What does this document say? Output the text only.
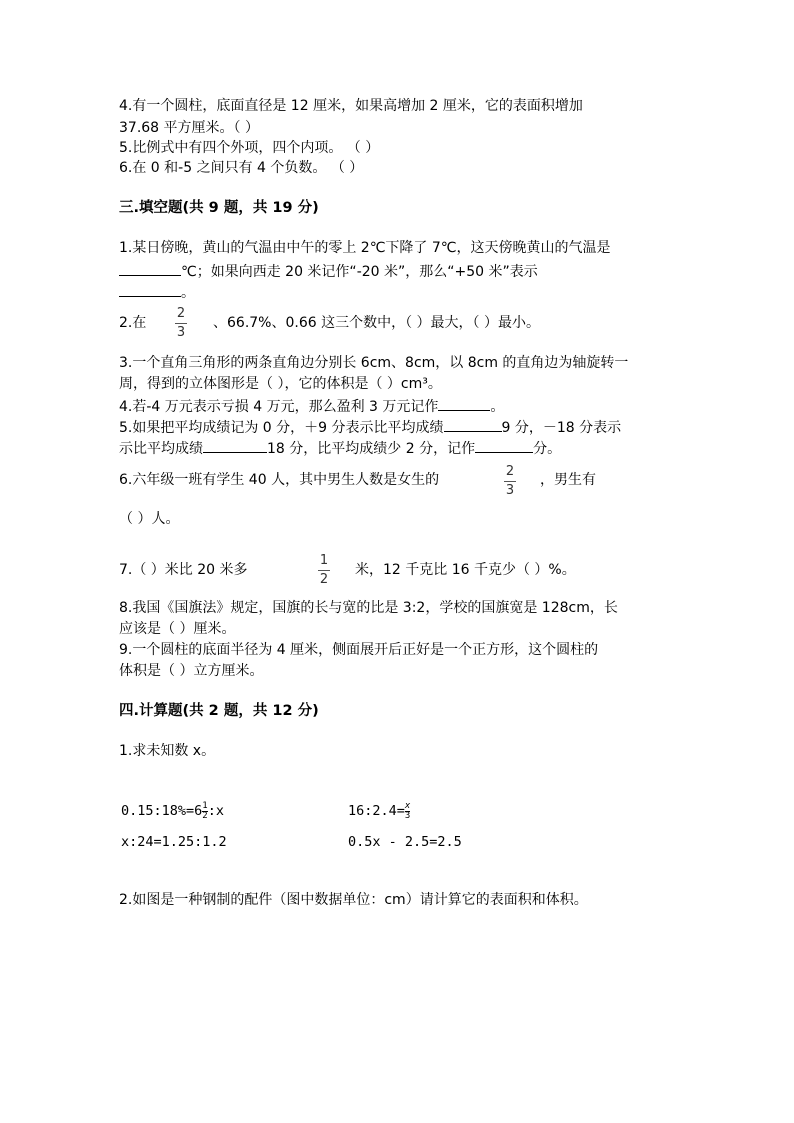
4.有一个圆柱，底面直径是 12 厘米，如果高增加 2 厘米，它的表面积增加
37.68 平方厘米。（ ）
5.比例式中有四个外项，四个内项。 （ ）
6.在 0 和-5 之间只有 4 个负数。 （ ）
三.填空题(共 9 题，共 19 分)
1.某日傍晚，黄山的气温由中午的零上 2℃下降了 7℃，这天傍晚黄山的气温是
℃；如果向西走 20 米记作“-20 米”，那么“+50 米”表示
。
2.在
2
3
、66.7%、0.66 这三个数中，（ ）最大，（ ）最小。
3.一个直角三角形的两条直角边分别长 6cm、8cm，以 8cm 的直角边为轴旋转一
周，得到的立体图形是（ ），它的体积是（ ）cm³。
4.若-4 万元表示亏损 4 万元，那么盈利 3 万元记作	。
5.如果把平均成绩记为 0 分，＋9 分表示比平均成绩	9 分，－18 分表示
示比平均成绩	18 分，比平均成绩少 2 分，记作	分。
6.六年级一班有学生 40 人，其中男生人数是女生的
2
3
，男生有
（ ）人。
7.（ ）米比 20 米多
1
2
米，12 千克比 16 千克少（ ）%。
8.我国《国旗法》规定，国旗的长与宽的比是 3:2，学校的国旗宽是 128cm，长
应该是（ ）厘米。
9.一个圆柱的底面半径为 4 厘米，侧面展开后正好是一个正方形，这个圆柱的
体积是（ ）立方厘米。
四.计算题(共 2 题，共 12 分)
1.求未知数 x。
$0.15:18\%=6\frac{1}{2}:x$	$16:2.4=\frac{x}{3}$
x:24=1.25:1.2	0.5x - 2.5=2.5
2.如图是一种钢制的配件（图中数据单位：cm）请计算它的表面积和体积。
